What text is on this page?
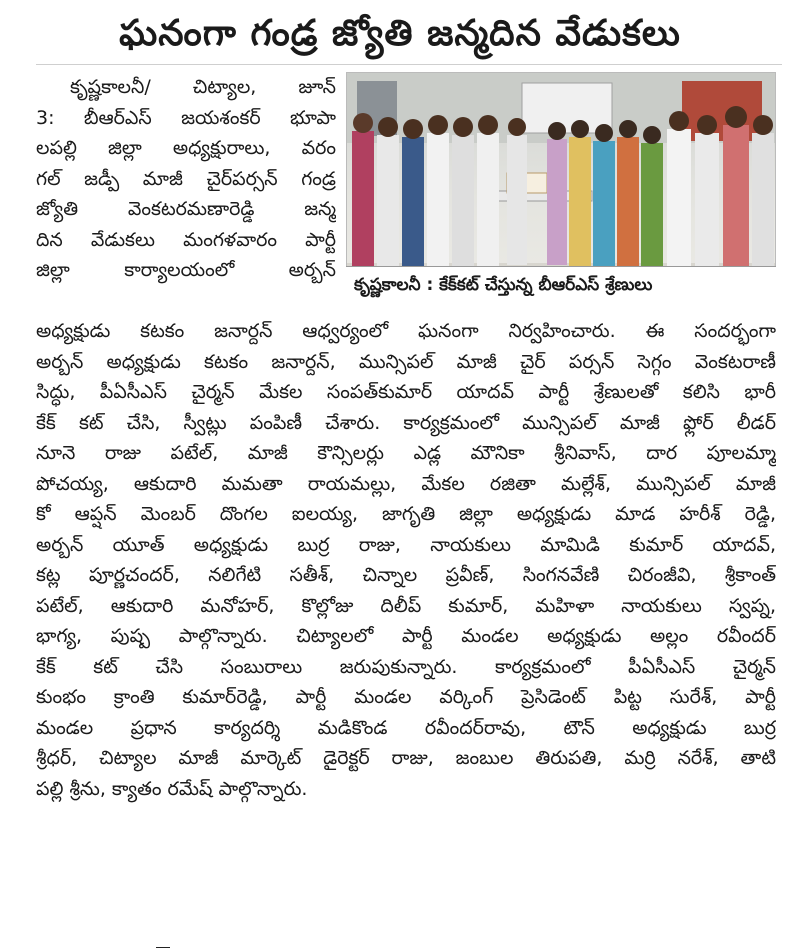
ఘనంగా గండ్ర జ్యోతి జన్మదిన వేడుకలు
కృష్ణకాలనీ : కేక్‌కట్ చేస్తున్న బీఆర్ఎస్ శ్రేణులు
కృష్ణకాలనీ/ చిట్యాల, జూన్
3: బీఆర్ఎస్ జయశంకర్ భూపా
లపల్లి జిల్లా అధ్యక్షురాలు, వరం
గల్ జడ్పీ మాజీ చైర్‌పర్సన్ గండ్ర
జ్యోతి వెంకటరమణారెడ్డి జన్మ
దిన వేడుకలు మంగళవారం పార్టీ
జిల్లా కార్యాలయంలో అర్బన్
అధ్యక్షుడు కటకం జనార్దన్ ఆధ్వర్యంలో ఘనంగా నిర్వహించారు. ఈ సందర్భంగా
అర్బన్ అధ్యక్షుడు కటకం జనార్దన్, మున్సిపల్ మాజీ చైర్ పర్సన్ సెగ్గం వెంకటరాణీ
సిద్ధు, పీఏసీఎస్ చైర్మన్ మేకల సంపత్‌కుమార్ యాదవ్ పార్టీ శ్రేణులతో కలిసి భారీ
కేక్ కట్ చేసి, స్వీట్లు పంపిణీ చేశారు. కార్యక్రమంలో మున్సిపల్ మాజీ ఫ్లోర్ లీడర్
నూనె రాజు పటేల్, మాజీ కౌన్సిలర్లు ఎడ్ల మౌనికా శ్రీనివాస్, దార పూలమ్మా
పోచయ్య, ఆకుదారి మమతా రాయమల్లు, మేకల రజితా మల్లేశ్, మున్సిపల్ మాజీ
కో ఆప్షన్ మెంబర్ దొంగల ఐలయ్య, జాగృతి జిల్లా అధ్యక్షుడు మాడ హరీశ్ రెడ్డి,
అర్బన్ యూత్ అధ్యక్షుడు బుర్ర రాజు, నాయకులు మామిడి కుమార్ యాదవ్,
కట్ల పూర్ణచందర్, నలిగేటి సతీశ్, చిన్నాల ప్రవీణ్, సింగనవేణి చిరంజీవి, శ్రీకాంత్
పటేల్, ఆకుదారి మనోహర్, కొల్లోజు దిలీప్ కుమార్, మహిళా నాయకులు స్వప్న,
భాగ్య, పుష్ప పాల్గొన్నారు. చిట్యాలలో పార్టీ మండల అధ్యక్షుడు అల్లం రవీందర్
కేక్ కట్ చేసి సంబురాలు జరుపుకున్నారు. కార్యక్రమంలో పీఏసీఎస్ చైర్మన్
కుంభం క్రాంతి కుమార్‌రెడ్డి, పార్టీ మండల వర్కింగ్ ప్రెసిడెంట్ పిట్ట సురేశ్, పార్టీ
మండల ప్రధాన కార్యదర్శి మడికొండ రవీందర్‌రావు, టౌన్ అధ్యక్షుడు బుర్ర
శ్రీధర్, చిట్యాల మాజీ మార్కెట్ డైరెక్టర్ రాజు, జంబుల తిరుపతి, మర్రి నరేశ్, తాటి
పల్లి శ్రీను, క్యాతం రమేష్ పాల్గొన్నారు.
